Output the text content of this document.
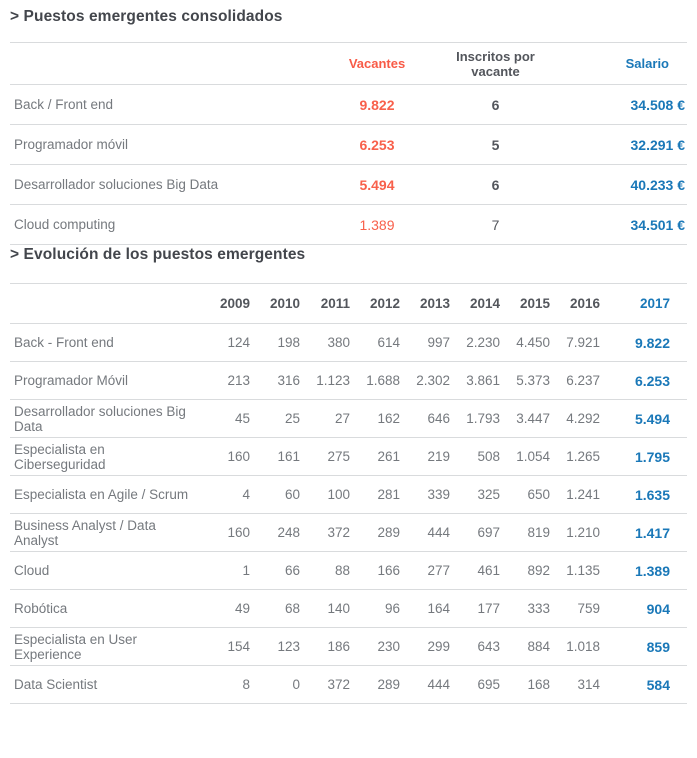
> Puestos emergentes consolidados
	Vacantes	Inscritos por vacante	Salario
Back / Front end	9.822	6	34.508 €
Programador móvil	6.253	5	32.291 €
Desarrollador soluciones Big Data	5.494	6	40.233 €
Cloud computing	1.389	7	34.501 €
> Evolución de los puestos emergentes
	2009	2010	2011	2012	2013	2014	2015	2016	2017
Back - Front end	124	198	380	614	997	2.230	4.450	7.921	9.822
Programador Móvil	213	316	1.123	1.688	2.302	3.861	5.373	6.237	6.253
Desarrollador soluciones Big Data	45	25	27	162	646	1.793	3.447	4.292	5.494
Especialista en Ciberseguridad	160	161	275	261	219	508	1.054	1.265	1.795
Especialista en Agile / Scrum	4	60	100	281	339	325	650	1.241	1.635
Business Analyst / Data Analyst	160	248	372	289	444	697	819	1.210	1.417
Cloud	1	66	88	166	277	461	892	1.135	1.389
Robótica	49	68	140	96	164	177	333	759	904
Especialista en User Experience	154	123	186	230	299	643	884	1.018	859
Data Scientist	8	0	372	289	444	695	168	314	584
